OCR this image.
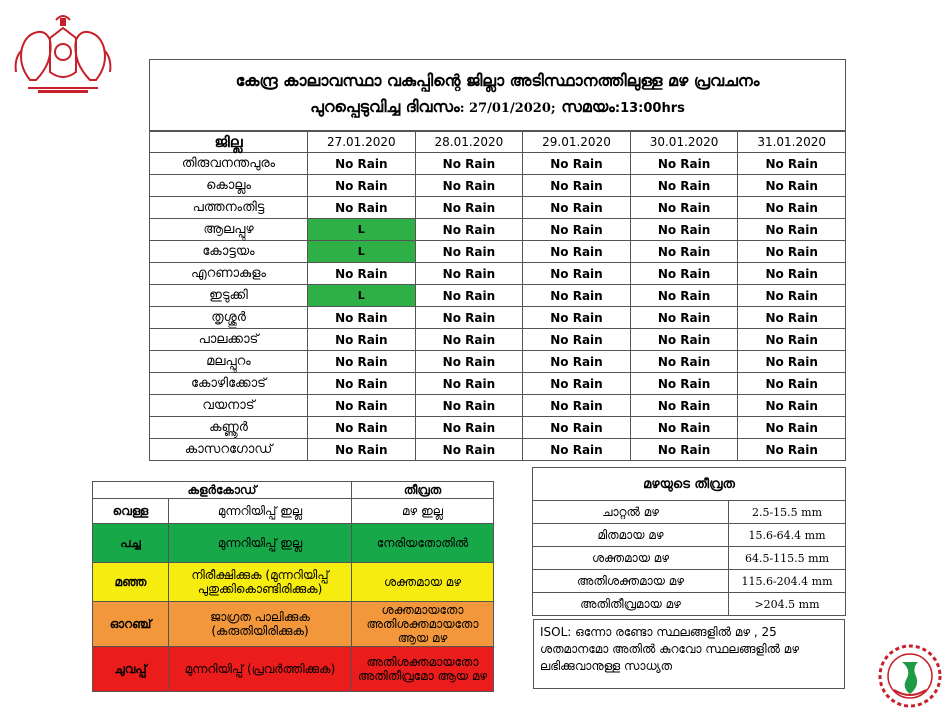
കേന്ദ്ര കാലാവസ്ഥാ വകുപ്പിന്റെ ജില്ലാ അടിസ്ഥാനത്തിലുള്ള മഴ പ്രവചനം
പുറപ്പെടുവിച്ച ദിവസം: 27/01/2020; സമയം:13:00hrs
ജില്ല	27.01.2020	28.01.2020	29.01.2020	30.01.2020	31.01.2020
തിരുവനന്തപുരം	No Rain	No Rain	No Rain	No Rain	No Rain
കൊല്ലം	No Rain	No Rain	No Rain	No Rain	No Rain
പത്തനംതിട്ട	No Rain	No Rain	No Rain	No Rain	No Rain
ആലപ്പുഴ	L	No Rain	No Rain	No Rain	No Rain
കോട്ടയം	L	No Rain	No Rain	No Rain	No Rain
എറണാകുളം	No Rain	No Rain	No Rain	No Rain	No Rain
ഇടുക്കി	L	No Rain	No Rain	No Rain	No Rain
തൃശ്ശൂർ	No Rain	No Rain	No Rain	No Rain	No Rain
പാലക്കാട്	No Rain	No Rain	No Rain	No Rain	No Rain
മലപ്പുറം	No Rain	No Rain	No Rain	No Rain	No Rain
കോഴിക്കോട്	No Rain	No Rain	No Rain	No Rain	No Rain
വയനാട്	No Rain	No Rain	No Rain	No Rain	No Rain
കണ്ണൂർ	No Rain	No Rain	No Rain	No Rain	No Rain
കാസറഗോഡ്	No Rain	No Rain	No Rain	No Rain	No Rain
കളർകോഡ്		തീവ്രത
വെള്ള	മുന്നറിയിപ്പ് ഇല്ല	മഴ ഇല്ല
പച്ച	മുന്നറിയിപ്പ് ഇല്ല	നേരിയതോതിൽ
മഞ്ഞ	നിരീക്ഷിക്കുക (മുന്നറിയിപ്പ് പുതുക്കികൊണ്ടിരിക്കുക)	ശക്തമായ മഴ
ഓറഞ്ച്	ജാഗ്രത പാലിക്കുക (കരുതിയിരിക്കുക)	ശക്തമായതോ അതിശക്തമായതോ ആയ മഴ
ചുവപ്പ്	മുന്നറിയിപ്പ് (പ്രവർത്തിക്കുക)	അതിശക്തമായതോ അതിതീവ്രമോ ആയ മഴ
മഴയുടെ തീവ്രത	
ചാറ്റൽ മഴ	2.5-15.5 mm
മിതമായ മഴ	15.6-64.4 mm
ശക്തമായ മഴ	64.5-115.5 mm
അതിശക്തമായ മഴ	115.6-204.4 mm
അതിതീവ്രമായ മഴ	>204.5 mm
ISOL: ഒന്നോ രണ്ടോ സ്ഥലങ്ങളിൽ മഴ , 25 ശതമാനമോ അതിൽ കുറവോ സ്ഥലങ്ങളിൽ മഴ ലഭിക്കുവാനുള്ള സാധ്യത
